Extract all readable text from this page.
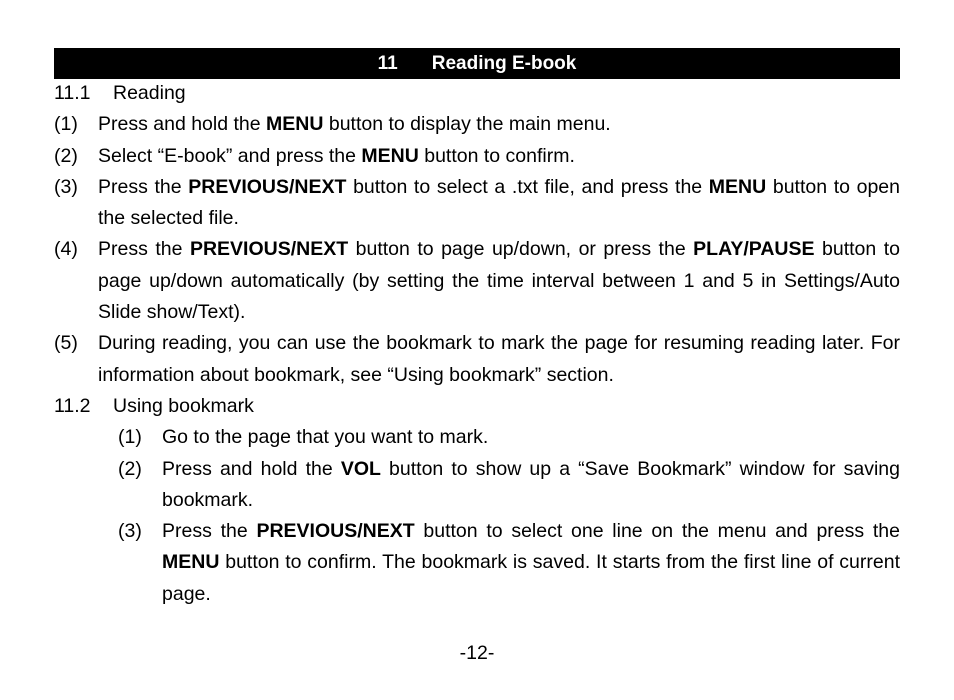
11 Reading E-book
11.1	Reading
(1)	Press and hold the MENU button to display the main menu.
(2)	Select “E-book” and press the MENU button to confirm.
(3)	Press the PREVIOUS/NEXT button to select a .txt file, and press the MENU button to open the selected file.
(4)	Press the PREVIOUS/NEXT button to page up/down, or press the PLAY/PAUSE button to page up/down automatically (by setting the time interval between 1 and 5 in Settings/Auto Slide show/Text).
(5)	During reading, you can use the bookmark to mark the page for resuming reading later. For information about bookmark, see “Using bookmark” section.
11.2	Using bookmark
(1)	Go to the page that you want to mark.
(2)	Press and hold the VOL button to show up a “Save Bookmark” window for saving bookmark.
(3)	Press the PREVIOUS/NEXT button to select one line on the menu and press the MENU button to confirm. The bookmark is saved. It starts from the first line of current page.
-12-
